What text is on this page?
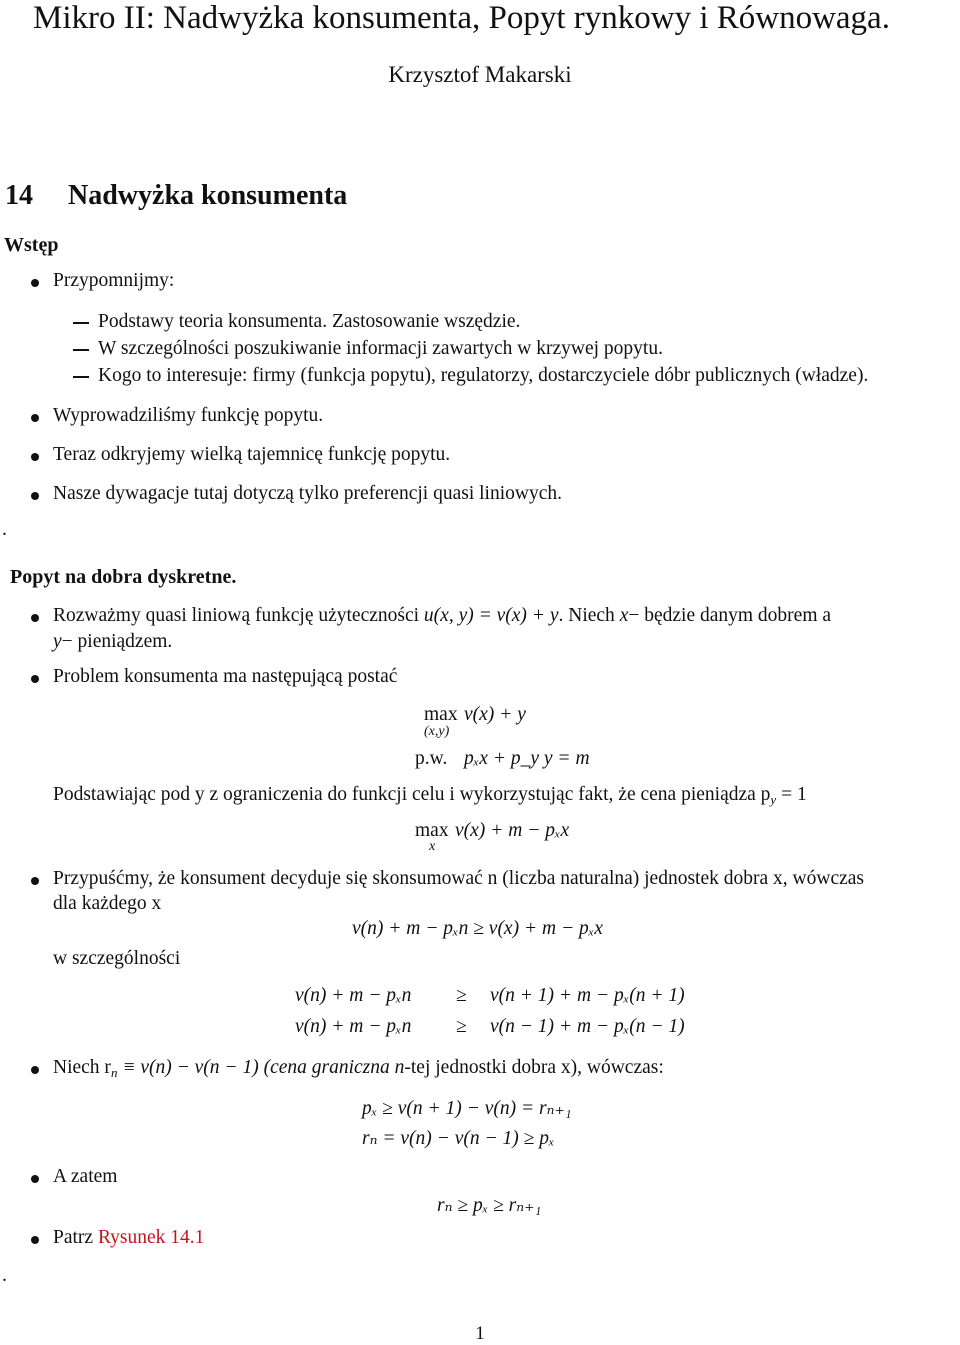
Mikro II: Nadwyżka konsumenta, Popyt rynkowy i Równowaga.
Krzysztof Makarski
14 Nadwyżka konsumenta
Wstęp
Przypomnijmy:
Podstawy teoria konsumenta. Zastosowanie wszędzie.
W szczególności poszukiwanie informacji zawartych w krzywej popytu.
Kogo to interesuje: firmy (funkcja popytu), regulatorzy, dostarczyciele dóbr publicznych (władze).
Wyprowadziliśmy funkcję popytu.
Teraz odkryjemy wielką tajemnicę funkcję popytu.
Nasze dywagacje tutaj dotyczą tylko preferencji quasi liniowych.
.
Popyt na dobra dyskretne.
Rozważmy quasi liniową funkcję użyteczności u(x, y) = v(x) + y. Niech x− będzie danym dobrem a
y− pieniądzem.
Problem konsumenta ma następującą postać
max
(x,y)
v(x) + y
p.w. pₓx + p_y y = m
Podstawiając pod y z ograniczenia do funkcji celu i wykorzystując fakt, że cena pieniądza $p_y = 1$
max
x
v(x) + m − pₓx
Przypuśćmy, że konsument decyduje się skonsumować n (liczba naturalna) jednostek dobra x, wówczas
dla każdego x
v(n) + m − pₓn ≥ v(x) + m − pₓx
w szczególności
v(n) + m − pₓn ≥ v(n + 1) + m − pₓ(n + 1)
v(n) + m − pₓn ≥ v(n − 1) + m − pₓ(n − 1)
Niech $r_n \equiv v(n) - v(n - 1)$ (cena graniczna n-tej jednostki dobra x), wówczas:
pₓ ≥ v(n + 1) − v(n) = rₙ₊₁
rₙ = v(n) − v(n − 1) ≥ pₓ
A zatem
rₙ ≥ pₓ ≥ rₙ₊₁
Patrz Rysunek 14.1
.
1
